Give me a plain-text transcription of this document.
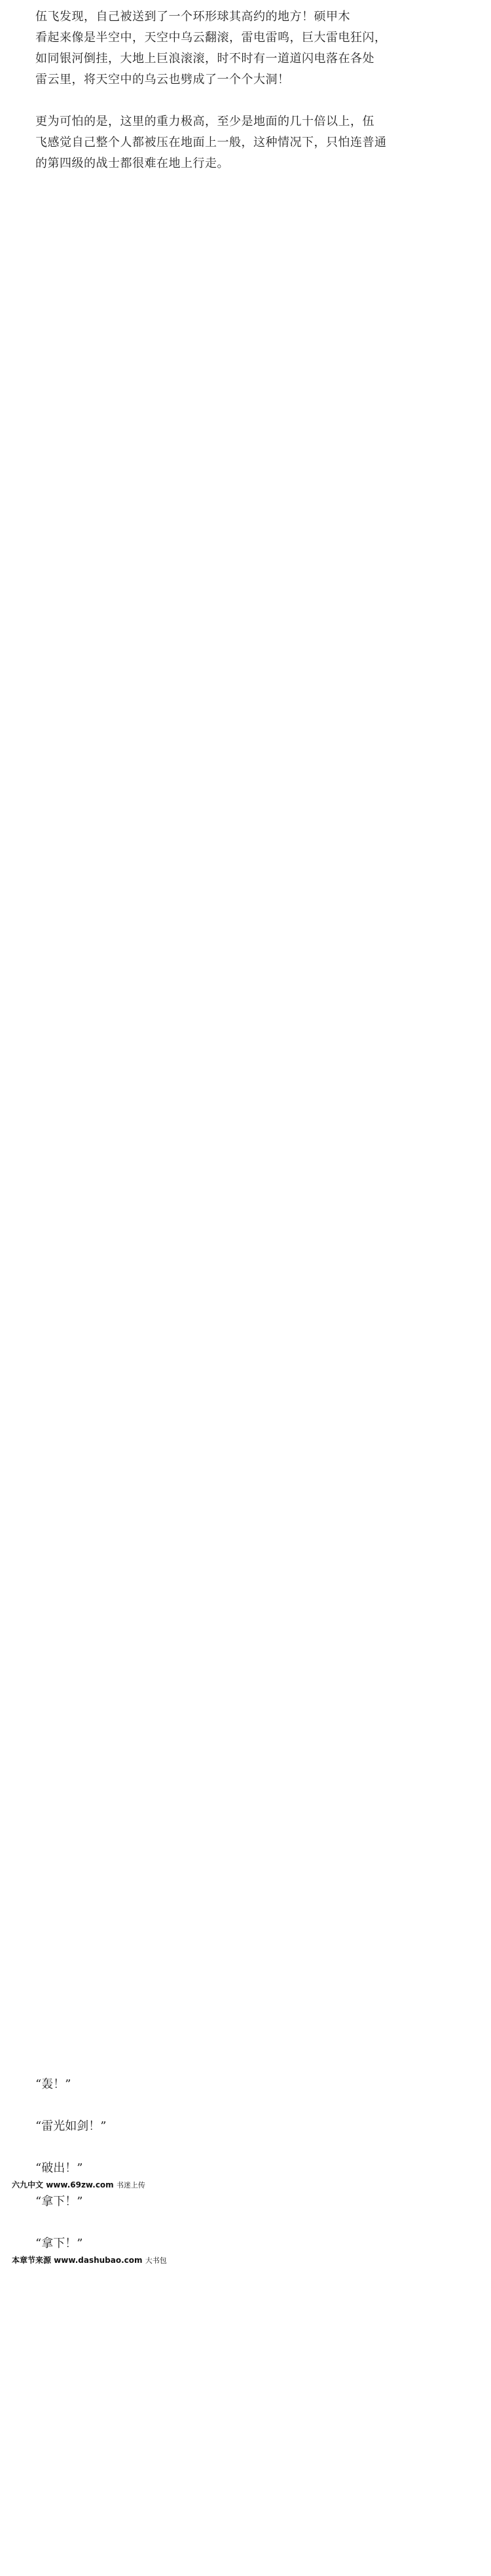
伍飞发现，自己被送到了一个环形球其高约的地方！硕甲木

看起来像是半空中，天空中乌云翻滚，雷电雷鸣，巨大雷电狂闪，

如同银河倒挂，大地上巨浪滚滚，时不时有一道道闪电落在各处

雷云里，将天空中的乌云也劈成了一个个大洞！

更为可怕的是，这里的重力极高，至少是地面的几十倍以上，伍

飞感觉自己整个人都被压在地面上一般，这种情况下，只怕连普通

的第四级的战士都很难在地上行走。

“轰！”

“雷光如剑！”

“破出！”

六九中文 www.69zw.com 书迷上传

“拿下！”

“拿下！”

本章节来源 www.dashubao.com 大书包
